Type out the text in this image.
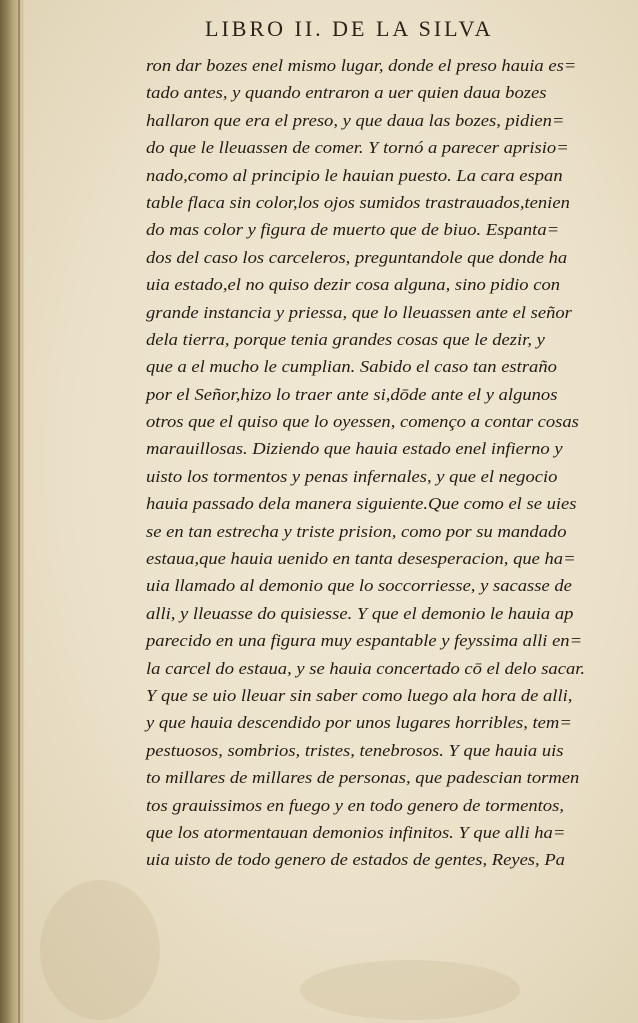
LIBRO II. DE LA SILVA
ron dar bozes enel mismo lugar, donde el preso hauia es=
tado antes, y quando entraron a uer quien daua bozes
hallaron que era el preso, y que daua las bozes, pidien=
do que le lleuassen de comer. Y tornó a parecer aprisio=
nado,como al principio le hauian puesto. La cara espan
table flaca sin color,los ojos sumidos trastrauados,tenien
do mas color y figura de muerto que de biuo. Espanta=
dos del caso los carceleros, preguntandole que donde ha
uia estado,el no quiso dezir cosa alguna, sino pidio con
grande instancia y priessa, que lo lleuassen ante el señor
dela tierra, porque tenia grandes cosas que le dezir, y
que a el mucho le cumplian. Sabido el caso tan estraño
por el Señor,hizo lo traer ante si,dōde ante el y algunos
otros que el quiso que lo oyessen, començo a contar cosas
marauillosas. Diziendo que hauia estado enel infierno y
uisto los tormentos y penas infernales, y que el negocio
hauia passado dela manera siguiente.Que como el se uies
se en tan estrecha y triste prision, como por su mandado
estaua,que hauia uenido en tanta desesperacion, que ha=
uia llamado al demonio que lo soccorriesse, y sacasse de
alli, y lleuasse do quisiesse. Y que el demonio le hauia ap
parecido en una figura muy espantable y feyssima alli en=
la carcel do estaua, y se hauia concertado cō el delo sacar.
Y que se uio lleuar sin saber como luego ala hora de alli,
y que hauia descendido por unos lugares horribles, tem=
pestuosos, sombrios, tristes, tenebrosos. Y que hauia uis
to millares de millares de personas, que padescian tormen
tos grauissimos en fuego y en todo genero de tormentos,
que los atormentauan demonios infinitos. Y que alli ha=
uia uisto de todo genero de estados de gentes, Reyes, Pa
